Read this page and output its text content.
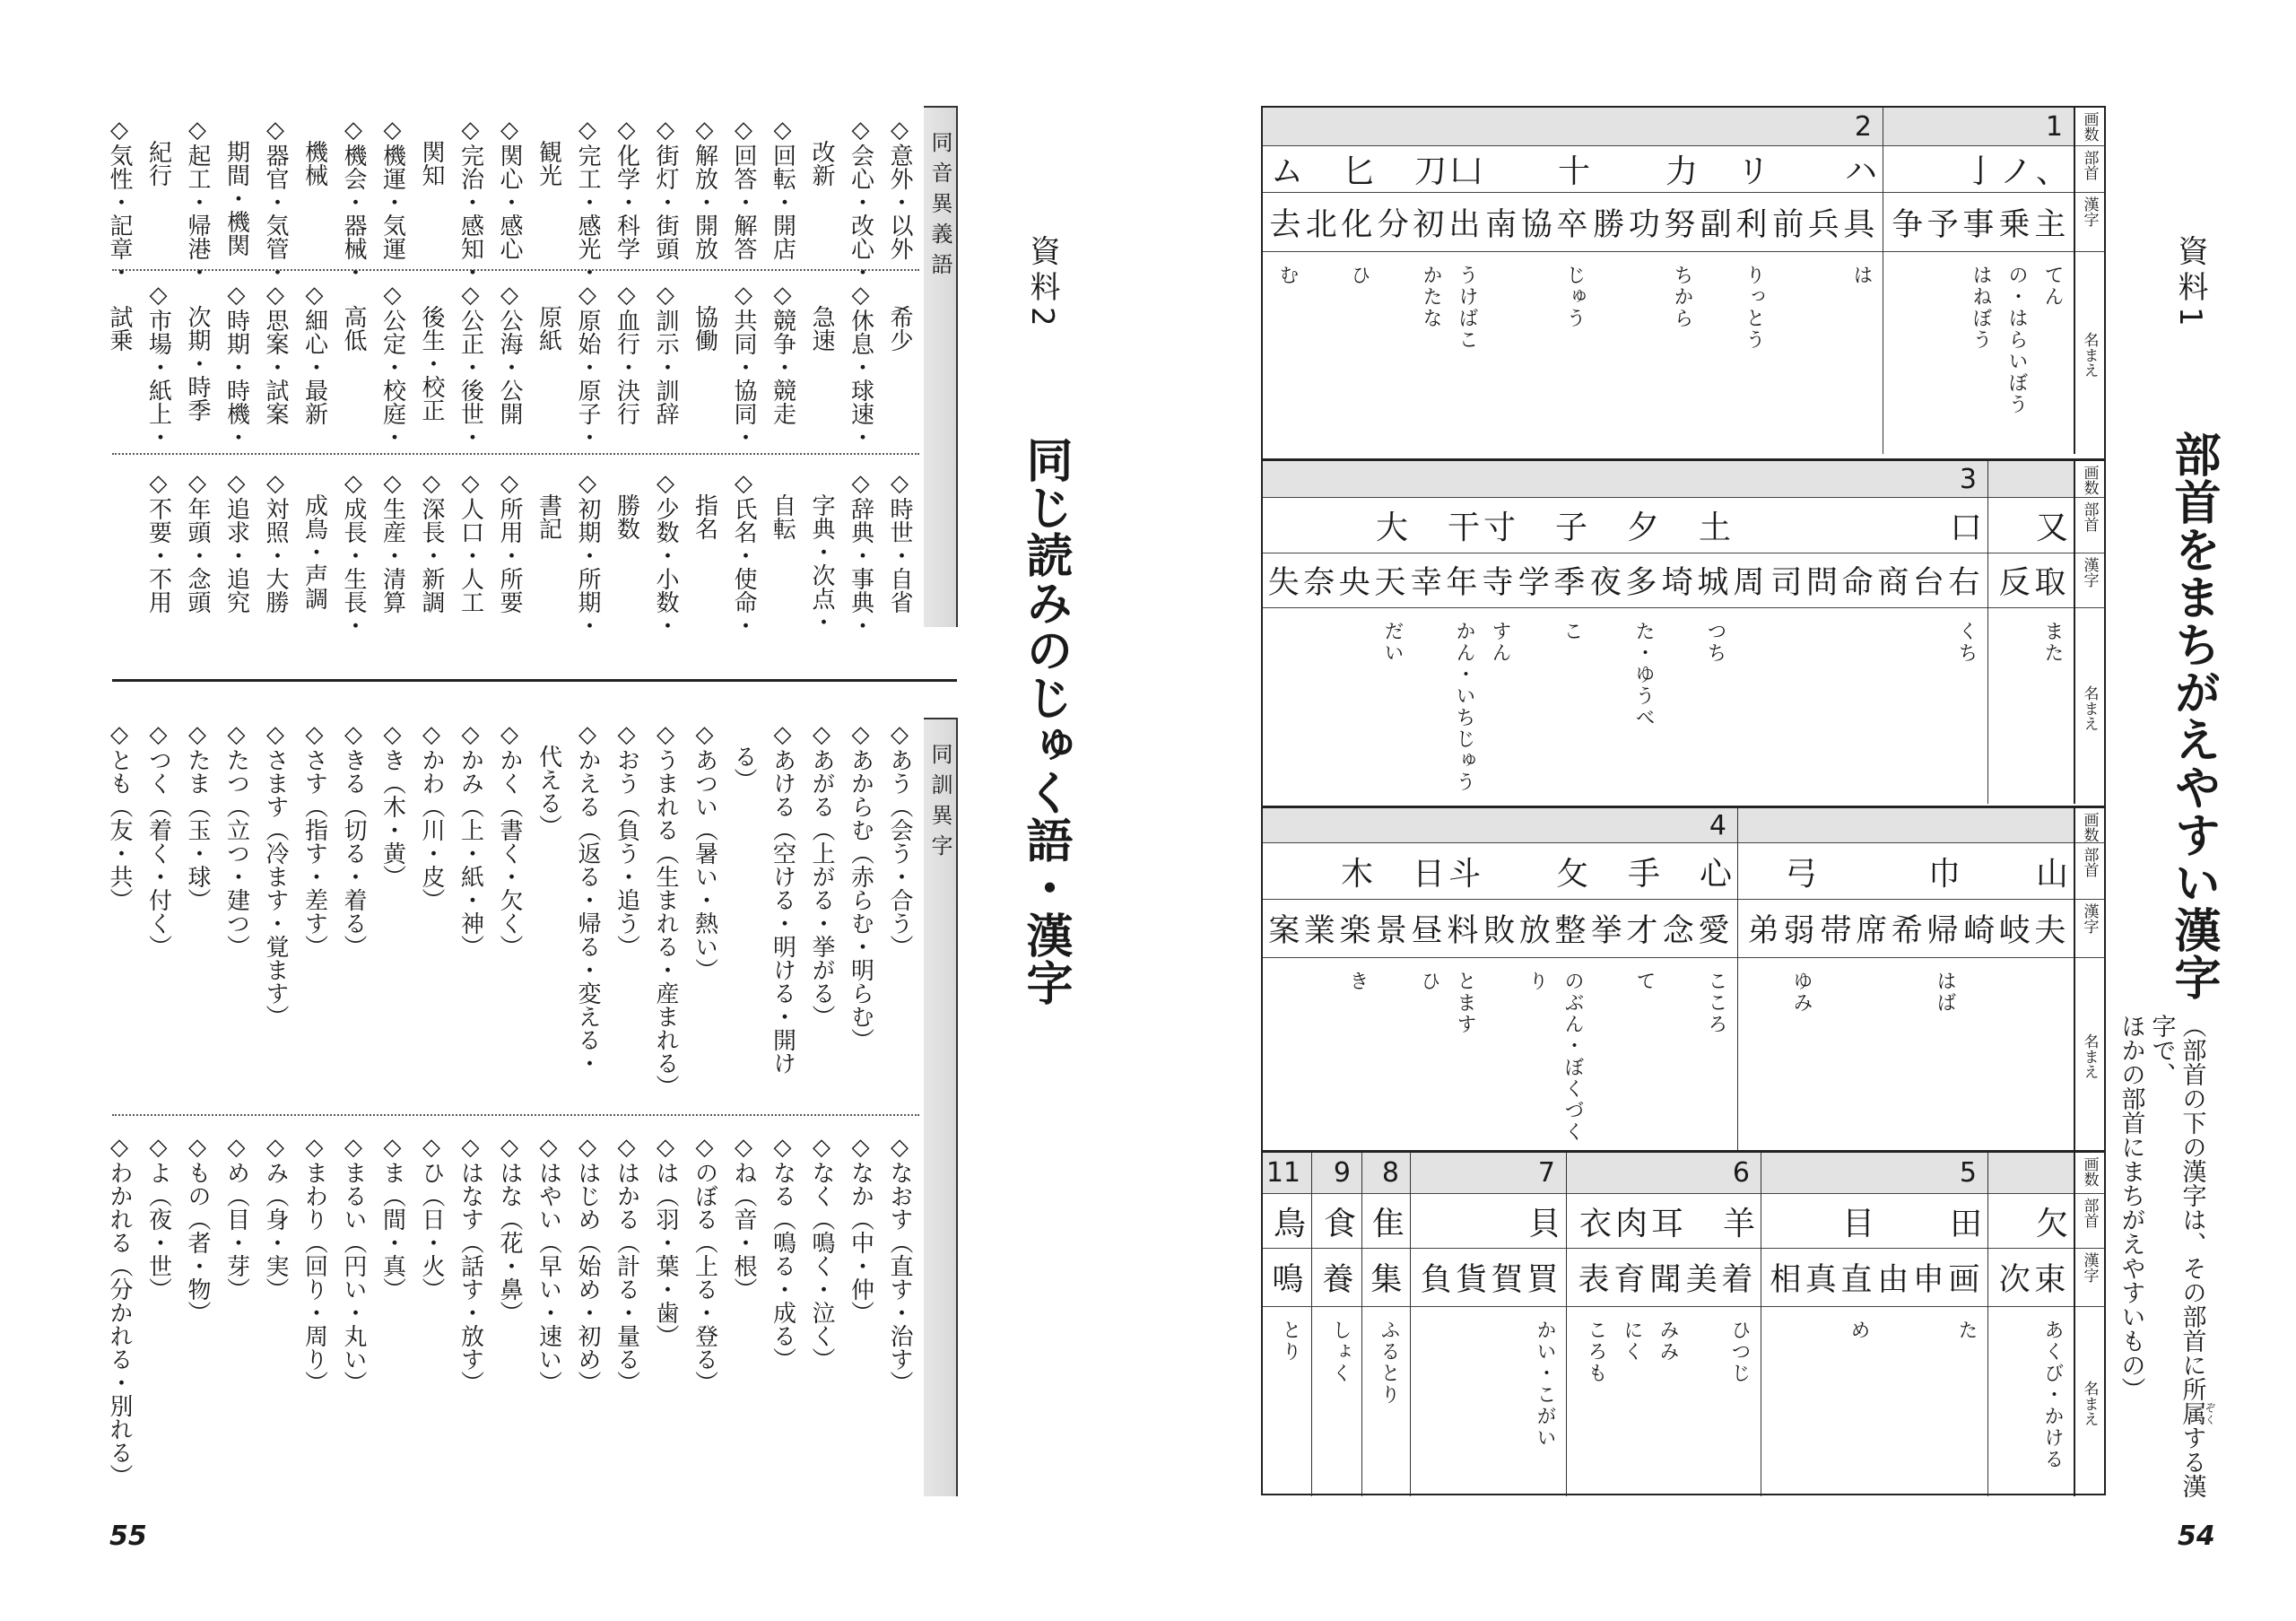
同音異義語
◇意外・以外
◇会心・改心・
改新
◇回転・開店
◇回答・解答
◇解放・開放
◇街灯・街頭
◇化学・科学
◇完工・感光・
観光
◇関心・感心
◇完治・感知・
関知
◇機運・気運
◇機会・器械・
機械
◇器官・気管・
期間・機関
◇起工・帰港・
紀行
◇気性・記章・
希少
◇休息・球速・
急速
◇競争・競走
◇共同・協同・
協働
◇訓示・訓辞
◇血行・決行
◇原始・原子・
原紙
◇公海・公開
◇公正・後世・
後生・校正
◇公定・校庭・
高低
◇細心・最新
◇思案・試案
◇時期・時機・
次期・時季
◇市場・紙上・
試乗
◇時世・自省
◇辞典・事典・
字典・次点・
自転
◇氏名・使命・
指名
◇少数・小数・
勝数
◇初期・所期・
書記
◇所用・所要
◇人口・人工
◇深長・新調
◇生産・清算
◇成長・生長・
成鳥・声調
◇対照・大勝
◇追求・追究
◇年頭・念頭
◇不要・不用
同訓異字
◇あう（会う・合う）
◇あからむ（赤らむ・明らむ）
◇あがる（上がる・挙がる）
◇あける（空ける・明ける・開け
る）
◇あつい（暑い・熱い）
◇うまれる（生まれる・産まれる）
◇おう（負う・追う）
◇かえる（返る・帰る・変える・
代える）
◇かく（書く・欠く）
◇かみ（上・紙・神）
◇かわ（川・皮）
◇き（木・黄）
◇きる（切る・着る）
◇さす（指す・差す）
◇さます（冷ます・覚ます）
◇たつ（立つ・建つ）
◇たま（玉・球）
◇つく（着く・付く）
◇とも（友・共）
◇なおす（直す・治す）
◇なか（中・仲）
◇なく（鳴く・泣く）
◇なる（鳴る・成る）
◇ね（音・根）
◇のぼる（上る・登る）
◇は（羽・葉・歯）
◇はかる（計る・量る）
◇はじめ（始め・初め）
◇はやい（早い・速い）
◇はな（花・鼻）
◇はなす（話す・放す）
◇ひ（日・火）
◇ま（間・真）
◇まるい（円い・丸い）
◇まわり（回り・周り）
◇み（身・実）
◇め（目・芽）
◇もの（者・物）
◇よ（夜・世）
◇わかれる（分かれる・別れる）
資料2
同じ読みのじゅく語・漢字
55
1
、
ノ
亅
主
乗
争予事
てん
の・はらいぼう
はねぼう
2
ハ
リ
力
十
凵
刀
匕
ム
前兵具
副利
勝功努
南協卒
出
分初
北化
去
は
りっとう
ちから
じゅう
うけばこ
かたな
ひ
む
画数
部首
漢字
名まえ
又
反取
また
3
口
土
夕
子
寸
干
大
司問命商台右
周
埼城
夜多
学季
寺
幸年
失奈央天
くち
つち
た・ゆうべ
こ
すん
かん・いちじゅう
だい
画数
部首
漢字
名まえ
山
巾
弓
崎岐夫
帯席希帰
弟弱
はば
ゆみ
4
心
手
攵
斗
日
木
念愛
挙才
敗放整
料
景昼
案業楽
こころ
て
のぶん・ぼくづくり
とます
ひ
き
画数
部首
漢字
名まえ
欠
次束
あくび・かける
5
田
目
由申画
相真直
た
め
6
羊
耳
肉
衣
美着
聞
育
表
ひつじ
みみ
にく
ころも
7
貝
負貨賀買
かい・こがい
8
隹
集
ふるとり
9
食
養
しょく
11
鳥
鳴
とり
画数
部首
漢字
名まえ
資料1
部首をまちがえやすい漢字
（部首の下の漢字は、その部首に所属ぞくする漢字で、
ほかの部首にまちがえやすいもの）
54
